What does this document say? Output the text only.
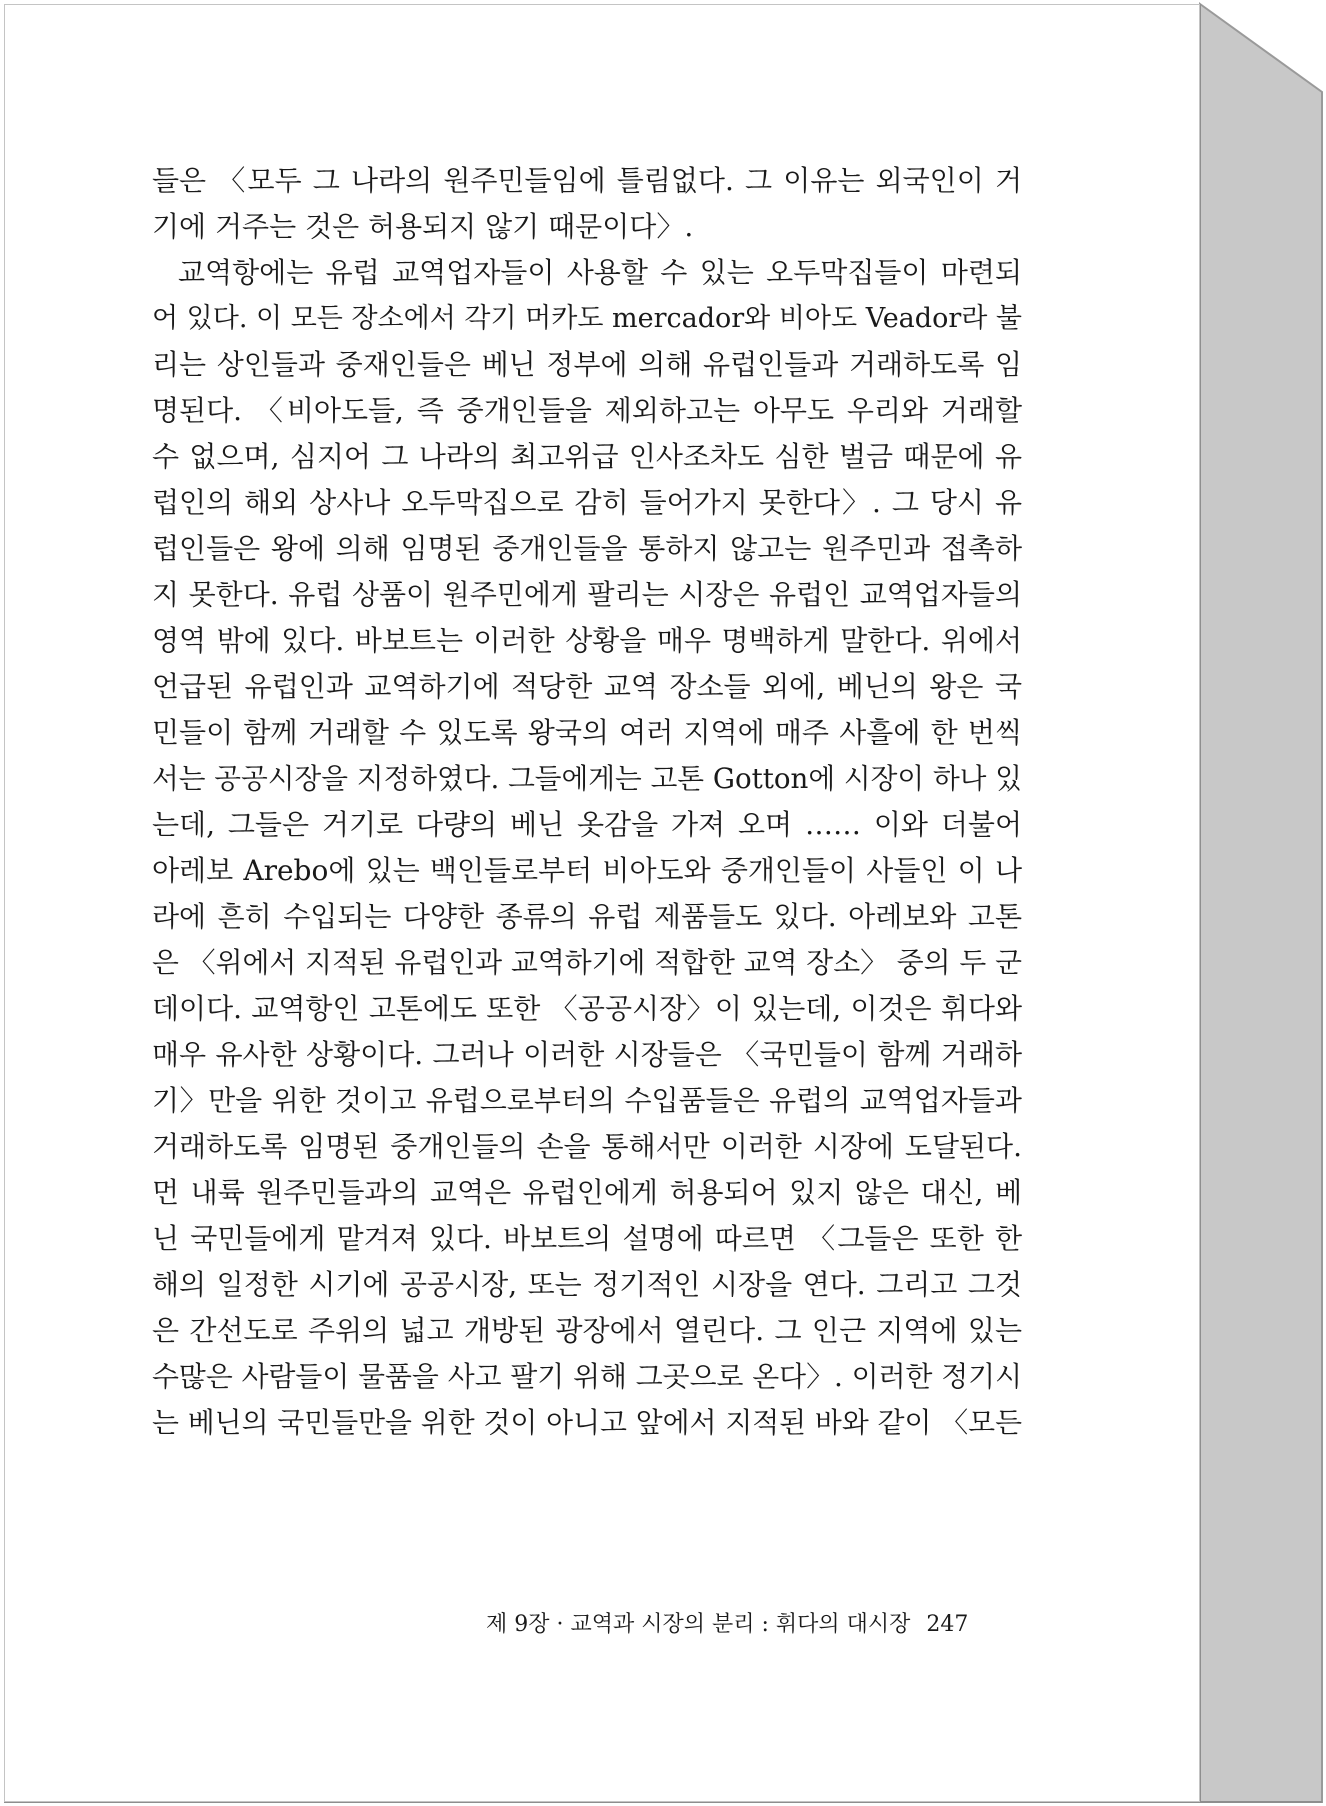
들은 〈모두 그 나라의 원주민들임에 틀림없다. 그 이유는 외국인이 거
기에 거주는 것은 허용되지 않기 때문이다〉.
교역항에는 유럽 교역업자들이 사용할 수 있는 오두막집들이 마련되
어 있다. 이 모든 장소에서 각기 머카도 mercador와 비아도 Veador라 불
리는 상인들과 중재인들은 베닌 정부에 의해 유럽인들과 거래하도록 임
명된다. 〈비아도들, 즉 중개인들을 제외하고는 아무도 우리와 거래할
수 없으며, 심지어 그 나라의 최고위급 인사조차도 심한 벌금 때문에 유
럽인의 해외 상사나 오두막집으로 감히 들어가지 못한다〉. 그 당시 유
럽인들은 왕에 의해 임명된 중개인들을 통하지 않고는 원주민과 접촉하
지 못한다. 유럽 상품이 원주민에게 팔리는 시장은 유럽인 교역업자들의
영역 밖에 있다. 바보트는 이러한 상황을 매우 명백하게 말한다. 위에서
언급된 유럽인과 교역하기에 적당한 교역 장소들 외에, 베닌의 왕은 국
민들이 함께 거래할 수 있도록 왕국의 여러 지역에 매주 사흘에 한 번씩
서는 공공시장을 지정하였다. 그들에게는 고톤 Gotton에 시장이 하나 있
는데, 그들은 거기로 다량의 베닌 옷감을 가져 오며 …… 이와 더불어
아레보 Arebo에 있는 백인들로부터 비아도와 중개인들이 사들인 이 나
라에 흔히 수입되는 다양한 종류의 유럽 제품들도 있다. 아레보와 고톤
은 〈위에서 지적된 유럽인과 교역하기에 적합한 교역 장소〉 중의 두 군
데이다. 교역항인 고톤에도 또한 〈공공시장〉이 있는데, 이것은 휘다와
매우 유사한 상황이다. 그러나 이러한 시장들은 〈국민들이 함께 거래하
기〉만을 위한 것이고 유럽으로부터의 수입품들은 유럽의 교역업자들과
거래하도록 임명된 중개인들의 손을 통해서만 이러한 시장에 도달된다.
먼 내륙 원주민들과의 교역은 유럽인에게 허용되어 있지 않은 대신, 베
닌 국민들에게 맡겨져 있다. 바보트의 설명에 따르면 〈그들은 또한 한
해의 일정한 시기에 공공시장, 또는 정기적인 시장을 연다. 그리고 그것
은 간선도로 주위의 넓고 개방된 광장에서 열린다. 그 인근 지역에 있는
수많은 사람들이 물품을 사고 팔기 위해 그곳으로 온다〉. 이러한 정기시
는 베닌의 국민들만을 위한 것이 아니고 앞에서 지적된 바와 같이 〈모든
제 9장 · 교역과 시장의 분리 : 휘다의 대시장 247
